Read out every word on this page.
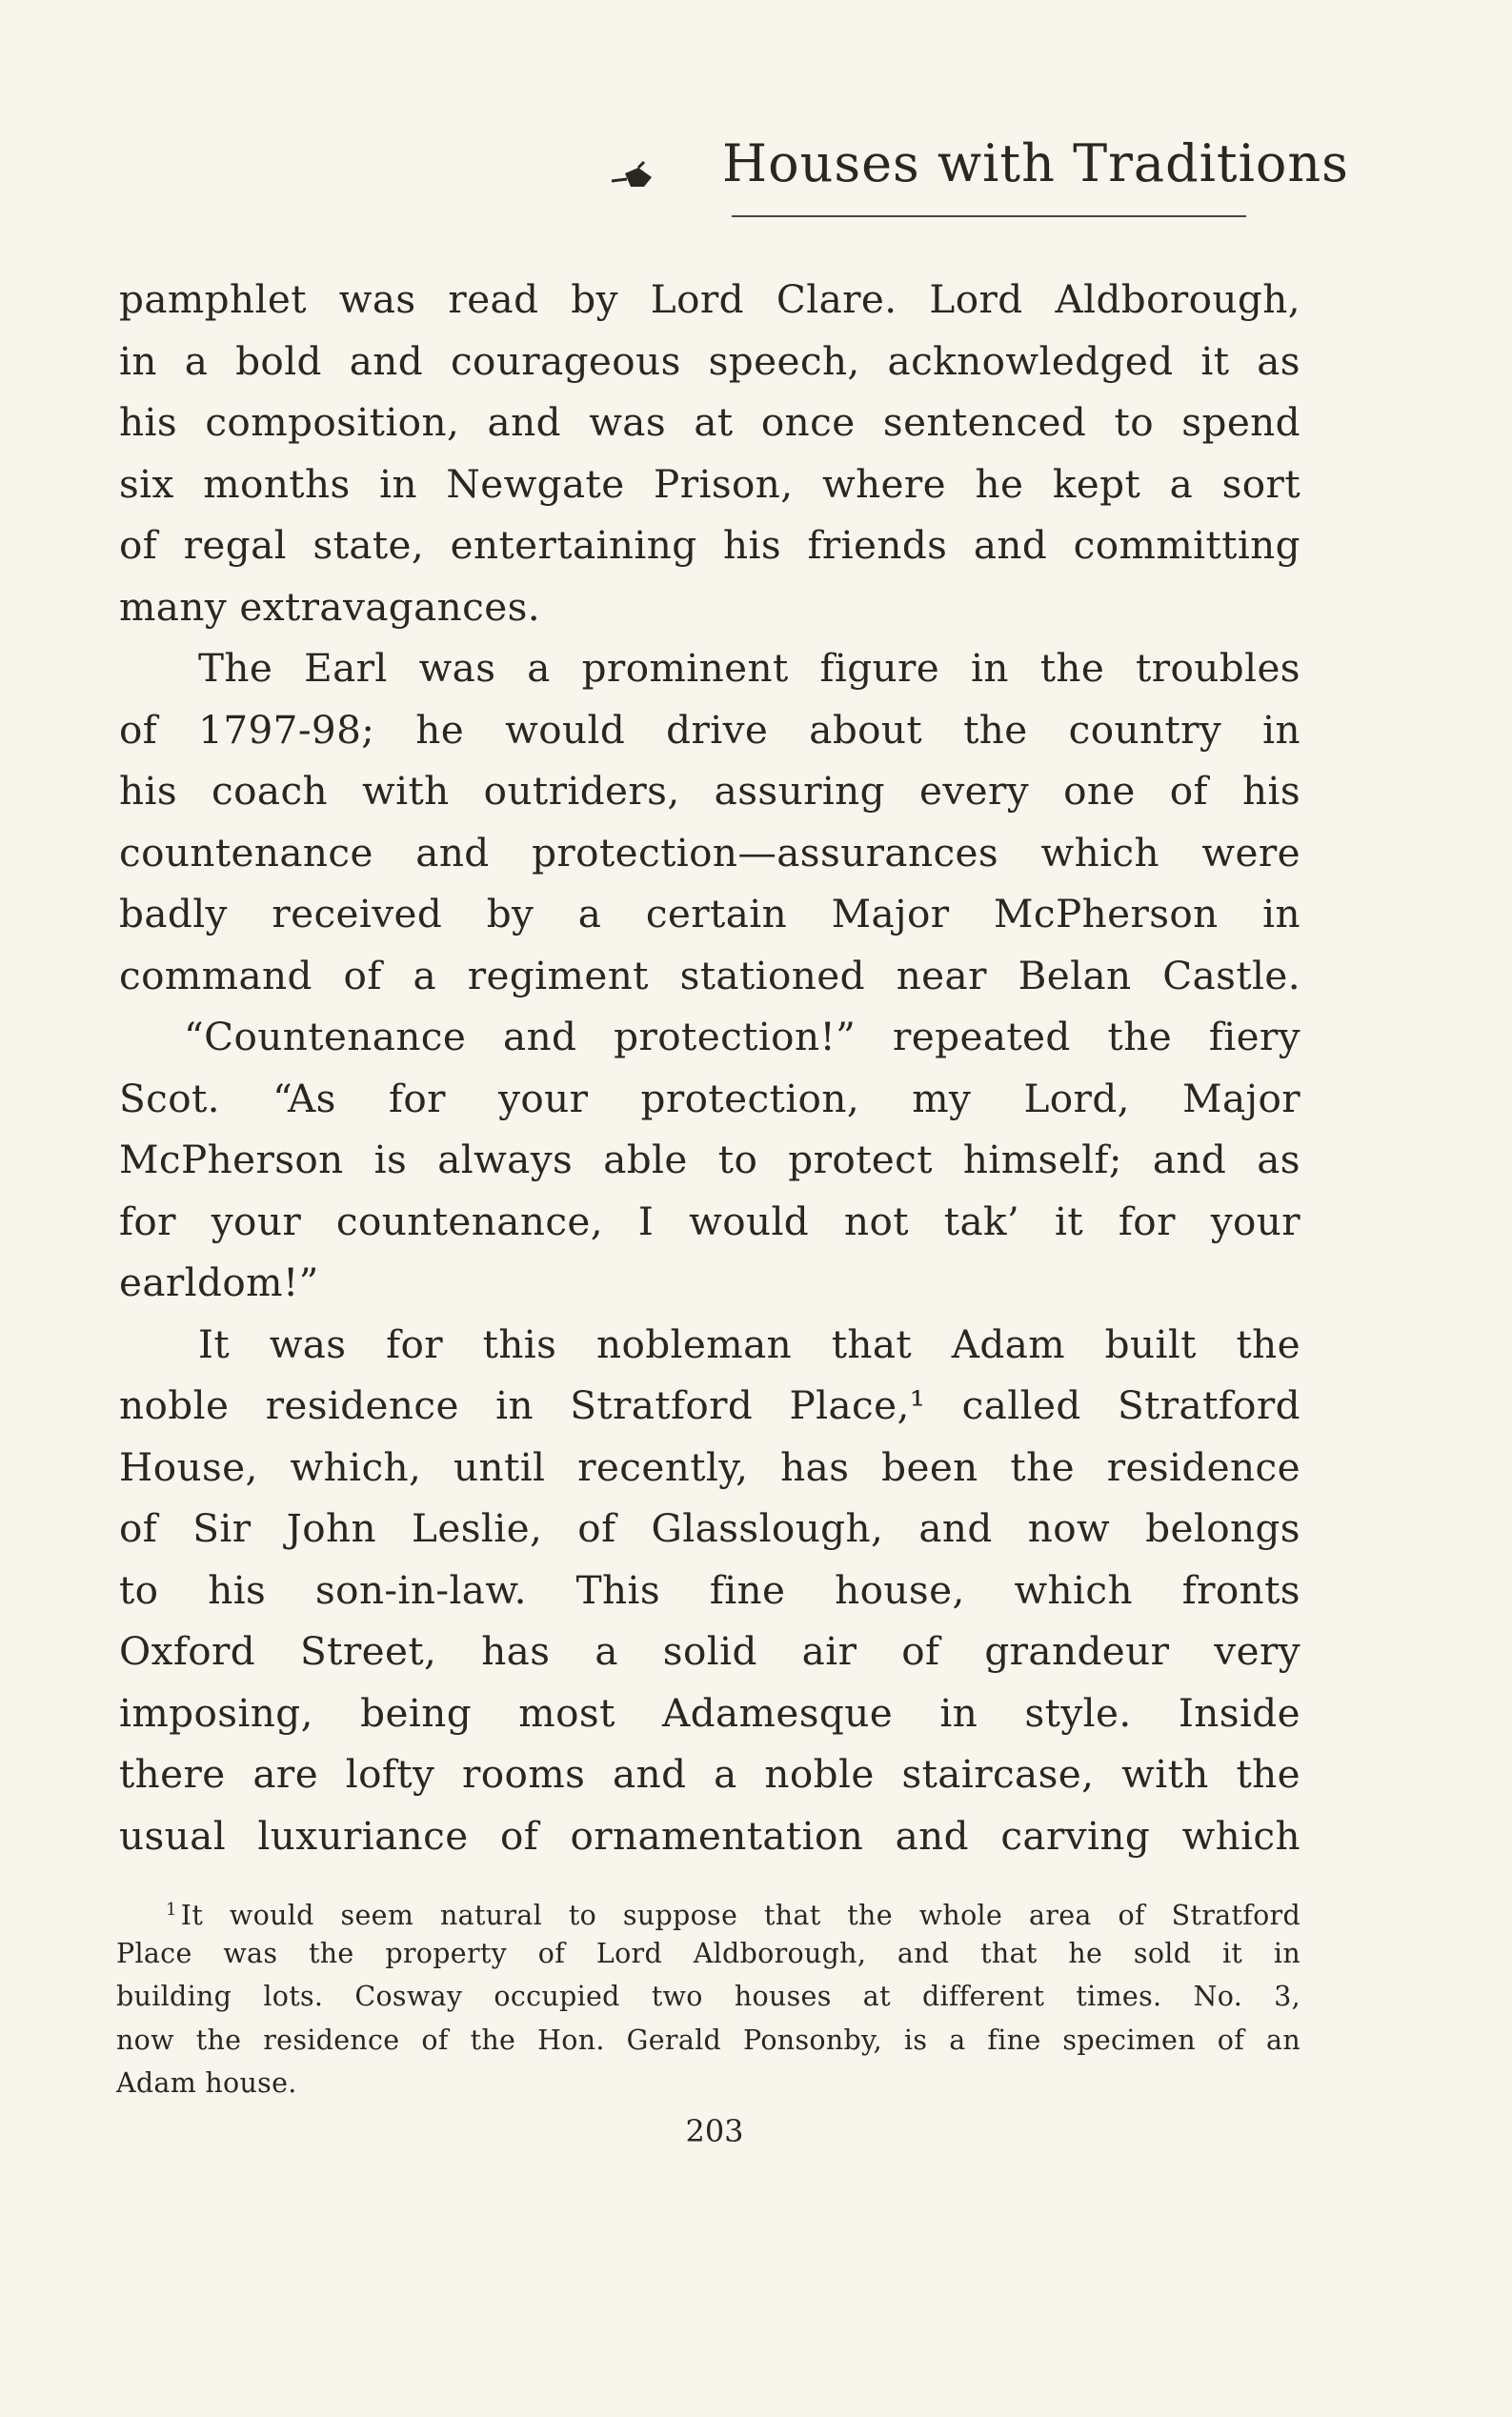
Houses with Traditions
pamphlet was read by Lord Clare. Lord Aldborough,
in a bold and courageous speech, acknowledged it as
his composition, and was at once sentenced to spend
six months in Newgate Prison, where he kept a sort
of regal state, entertaining his friends and committing
many extravagances.
The Earl was a prominent figure in the troubles
of 1797-98; he would drive about the country in
his coach with outriders, assuring every one of his
countenance and protection—assurances which were
badly received by a certain Major McPherson in
command of a regiment stationed near Belan Castle.
“Countenance and protection!” repeated the fiery
Scot. “As for your protection, my Lord, Major
McPherson is always able to protect himself; and as
for your countenance, I would not tak’ it for your
earldom!”
It was for this nobleman that Adam built the
noble residence in Stratford Place,¹ called Stratford
House, which, until recently, has been the residence
of Sir John Leslie, of Glasslough, and now belongs
to his son-in-law. This fine house, which fronts
Oxford Street, has a solid air of grandeur very
imposing, being most Adamesque in style. Inside
there are lofty rooms and a noble staircase, with the
usual luxuriance of ornamentation and carving which
$^1$ It would seem natural to suppose that the whole area of Stratford
Place was the property of Lord Aldborough, and that he sold it in
building lots. Cosway occupied two houses at different times. No. 3,
now the residence of the Hon. Gerald Ponsonby, is a fine specimen of an
Adam house.
203
